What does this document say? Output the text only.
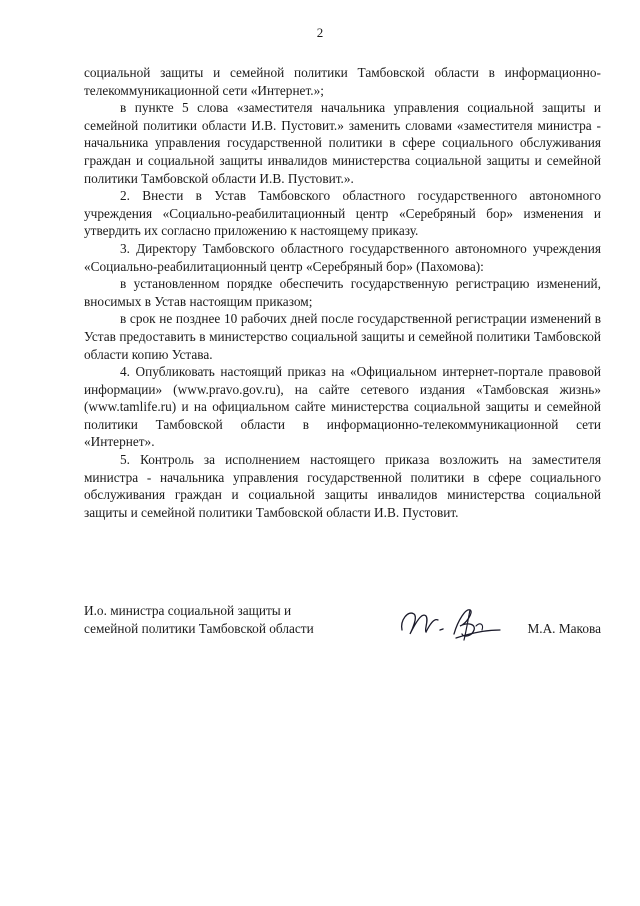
2

социальной защиты и семейной политики Тамбовской области в информационно-телекоммуникационной сети «Интернет.»;

в пункте 5 слова «заместителя начальника управления социальной защиты и семейной политики области И.В. Пустовит.» заменить словами «заместителя министра - начальника управления государственной политики в сфере социального обслуживания граждан и социальной защиты инвалидов министерства социальной защиты и семейной политики Тамбовской области И.В. Пустовит.».

2. Внести в Устав Тамбовского областного государственного автономного учреждения «Социально-реабилитационный центр «Серебряный бор» изменения и утвердить их согласно приложению к настоящему приказу.

3. Директору Тамбовского областного государственного автономного учреждения «Социально-реабилитационный центр «Серебряный бор» (Пахомова):

в установленном порядке обеспечить государственную регистрацию изменений, вносимых в Устав настоящим приказом;

в срок не позднее 10 рабочих дней после государственной регистрации изменений в Устав предоставить в министерство социальной защиты и семейной политики Тамбовской области копию Устава.

4. Опубликовать настоящий приказ на «Официальном интернет-портале правовой информации» (www.pravo.gov.ru), на сайте сетевого издания «Тамбовская жизнь» (www.tamlife.ru) и на официальном сайте министерства социальной защиты и семейной политики Тамбовской области в информационно-телекоммуникационной сети «Интернет».

5. Контроль за исполнением настоящего приказа возложить на заместителя министра - начальника управления государственной политики в сфере социального обслуживания граждан и социальной защиты инвалидов министерства социальной защиты и семейной политики Тамбовской области И.В. Пустовит.

И.о. министра социальной защиты и
семейной политики Тамбовской области	М.А. Макова
